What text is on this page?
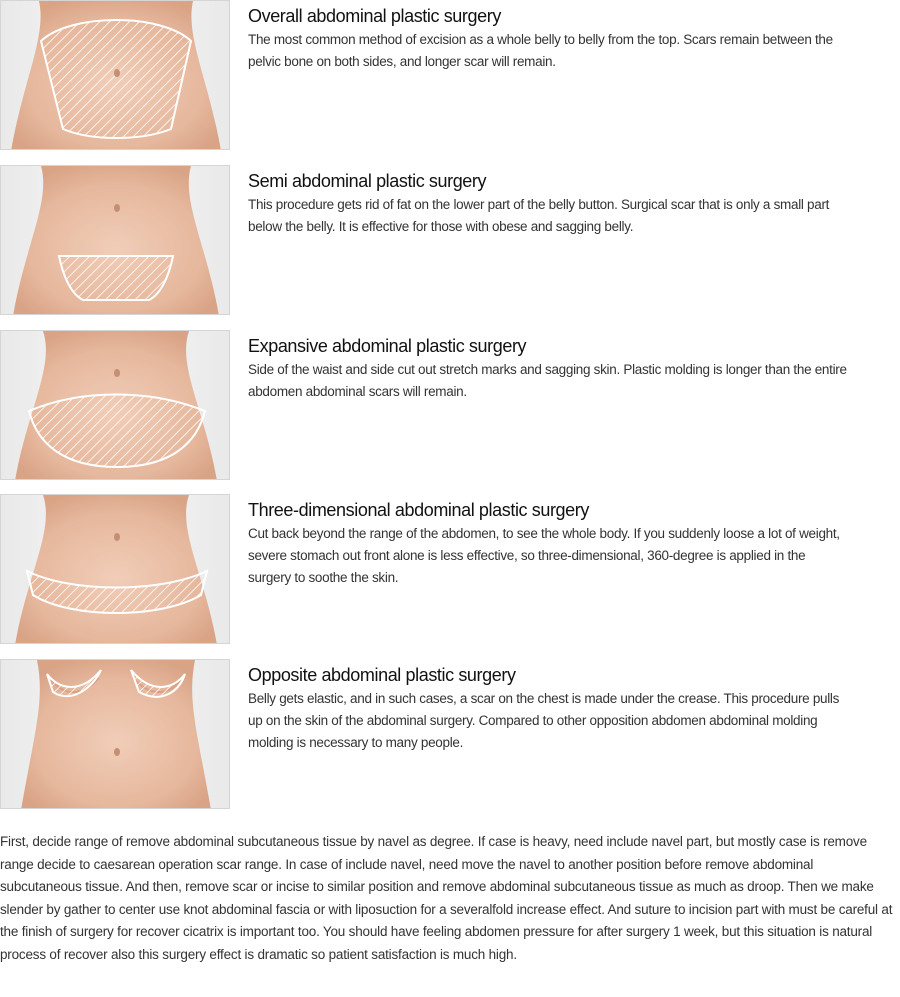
Overall abdominal plastic surgery

The most common method of excision as a whole belly to belly from the top. Scars remain between the pelvic bone on both sides, and longer scar will remain.

Semi abdominal plastic surgery

This procedure gets rid of fat on the lower part of the belly button. Surgical scar that is only a small part below the belly. It is effective for those with obese and sagging belly.

Expansive abdominal plastic surgery

Side of the waist and side cut out stretch marks and sagging skin. Plastic molding is longer than the entire abdomen abdominal scars will remain.

Three-dimensional abdominal plastic surgery

Cut back beyond the range of the abdomen, to see the whole body. If you suddenly loose a lot of weight, severe stomach out front alone is less effective, so three-dimensional, 360-degree is applied in the surgery to soothe the skin.

Opposite abdominal plastic surgery

Belly gets elastic, and in such cases, a scar on the chest is made under the crease. This procedure pulls up on the skin of the abdominal surgery. Compared to other opposition abdomen abdominal molding molding is necessary to many people.

First, decide range of remove abdominal subcutaneous tissue by navel as degree. If case is heavy, need include navel part, but mostly case is remove range decide to caesarean operation scar range. In case of include navel, need move the navel to another position before remove abdominal subcutaneous tissue. And then, remove scar or incise to similar position and remove abdominal subcutaneous tissue as much as droop. Then we make slender by gather to center use knot abdominal fascia or with liposuction for a severalfold increase effect. And suture to incision part with must be careful at the finish of surgery for recover cicatrix is important too. You should have feeling abdomen pressure for after surgery 1 week, but this situation is natural process of recover also this surgery effect is dramatic so patient satisfaction is much high.
